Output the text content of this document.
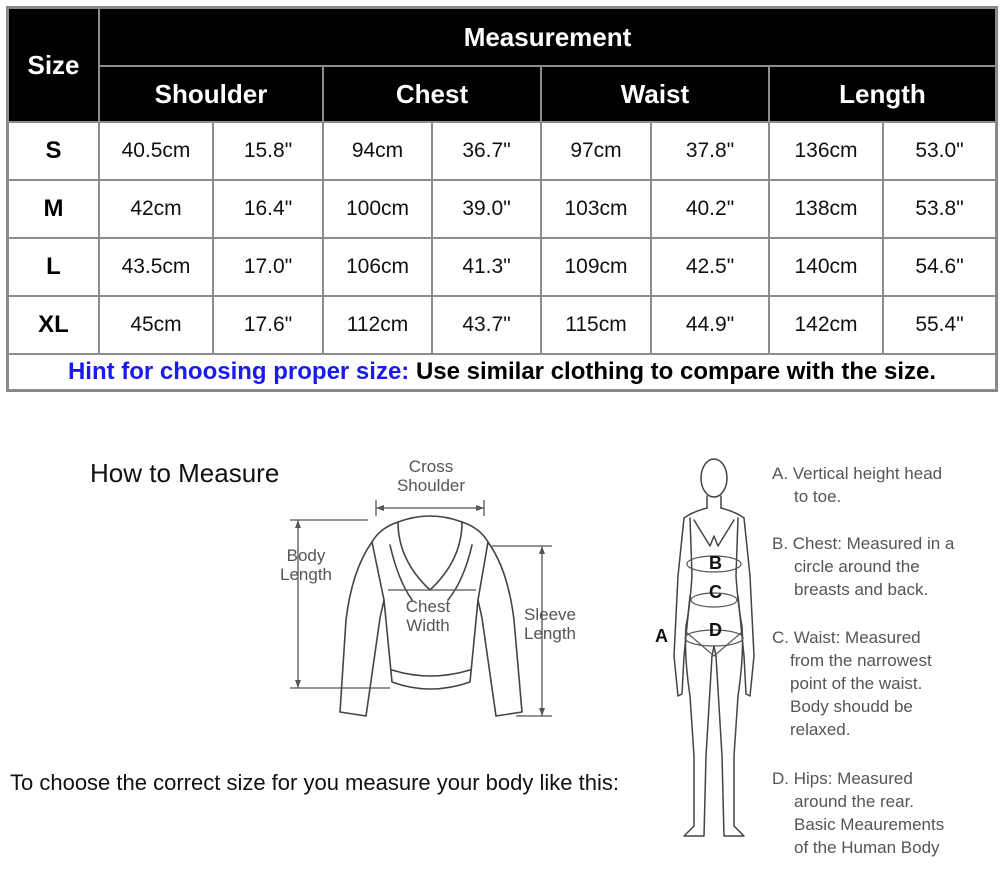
Size	Measurement							
	Shoulder		Chest		Waist		Length	
S	40.5cm	15.8"	94cm	36.7"	97cm	37.8"	136cm	53.0"
M	42cm	16.4"	100cm	39.0"	103cm	40.2"	138cm	53.8"
L	43.5cm	17.0"	106cm	41.3"	109cm	42.5"	140cm	54.6"
XL	45cm	17.6"	112cm	43.7"	115cm	44.9"	142cm	55.4"
Hint for choosing proper size: Use similar clothing to compare with the size.								
How to Measure
To choose the correct size for you measure your body like this:
Cross
Shoulder
Body
Length
Chest
Width
Sleeve
Length	A
B
C
D
A. Vertical height head
to toe.
B. Chest: Measured in a
circle around the
breasts and back.
C. Waist: Measured
from the narrowest
point of the waist.
Body shoudd be
relaxed.
D. Hips: Measured
around the rear.
Basic Meaurements
of the Human Body
